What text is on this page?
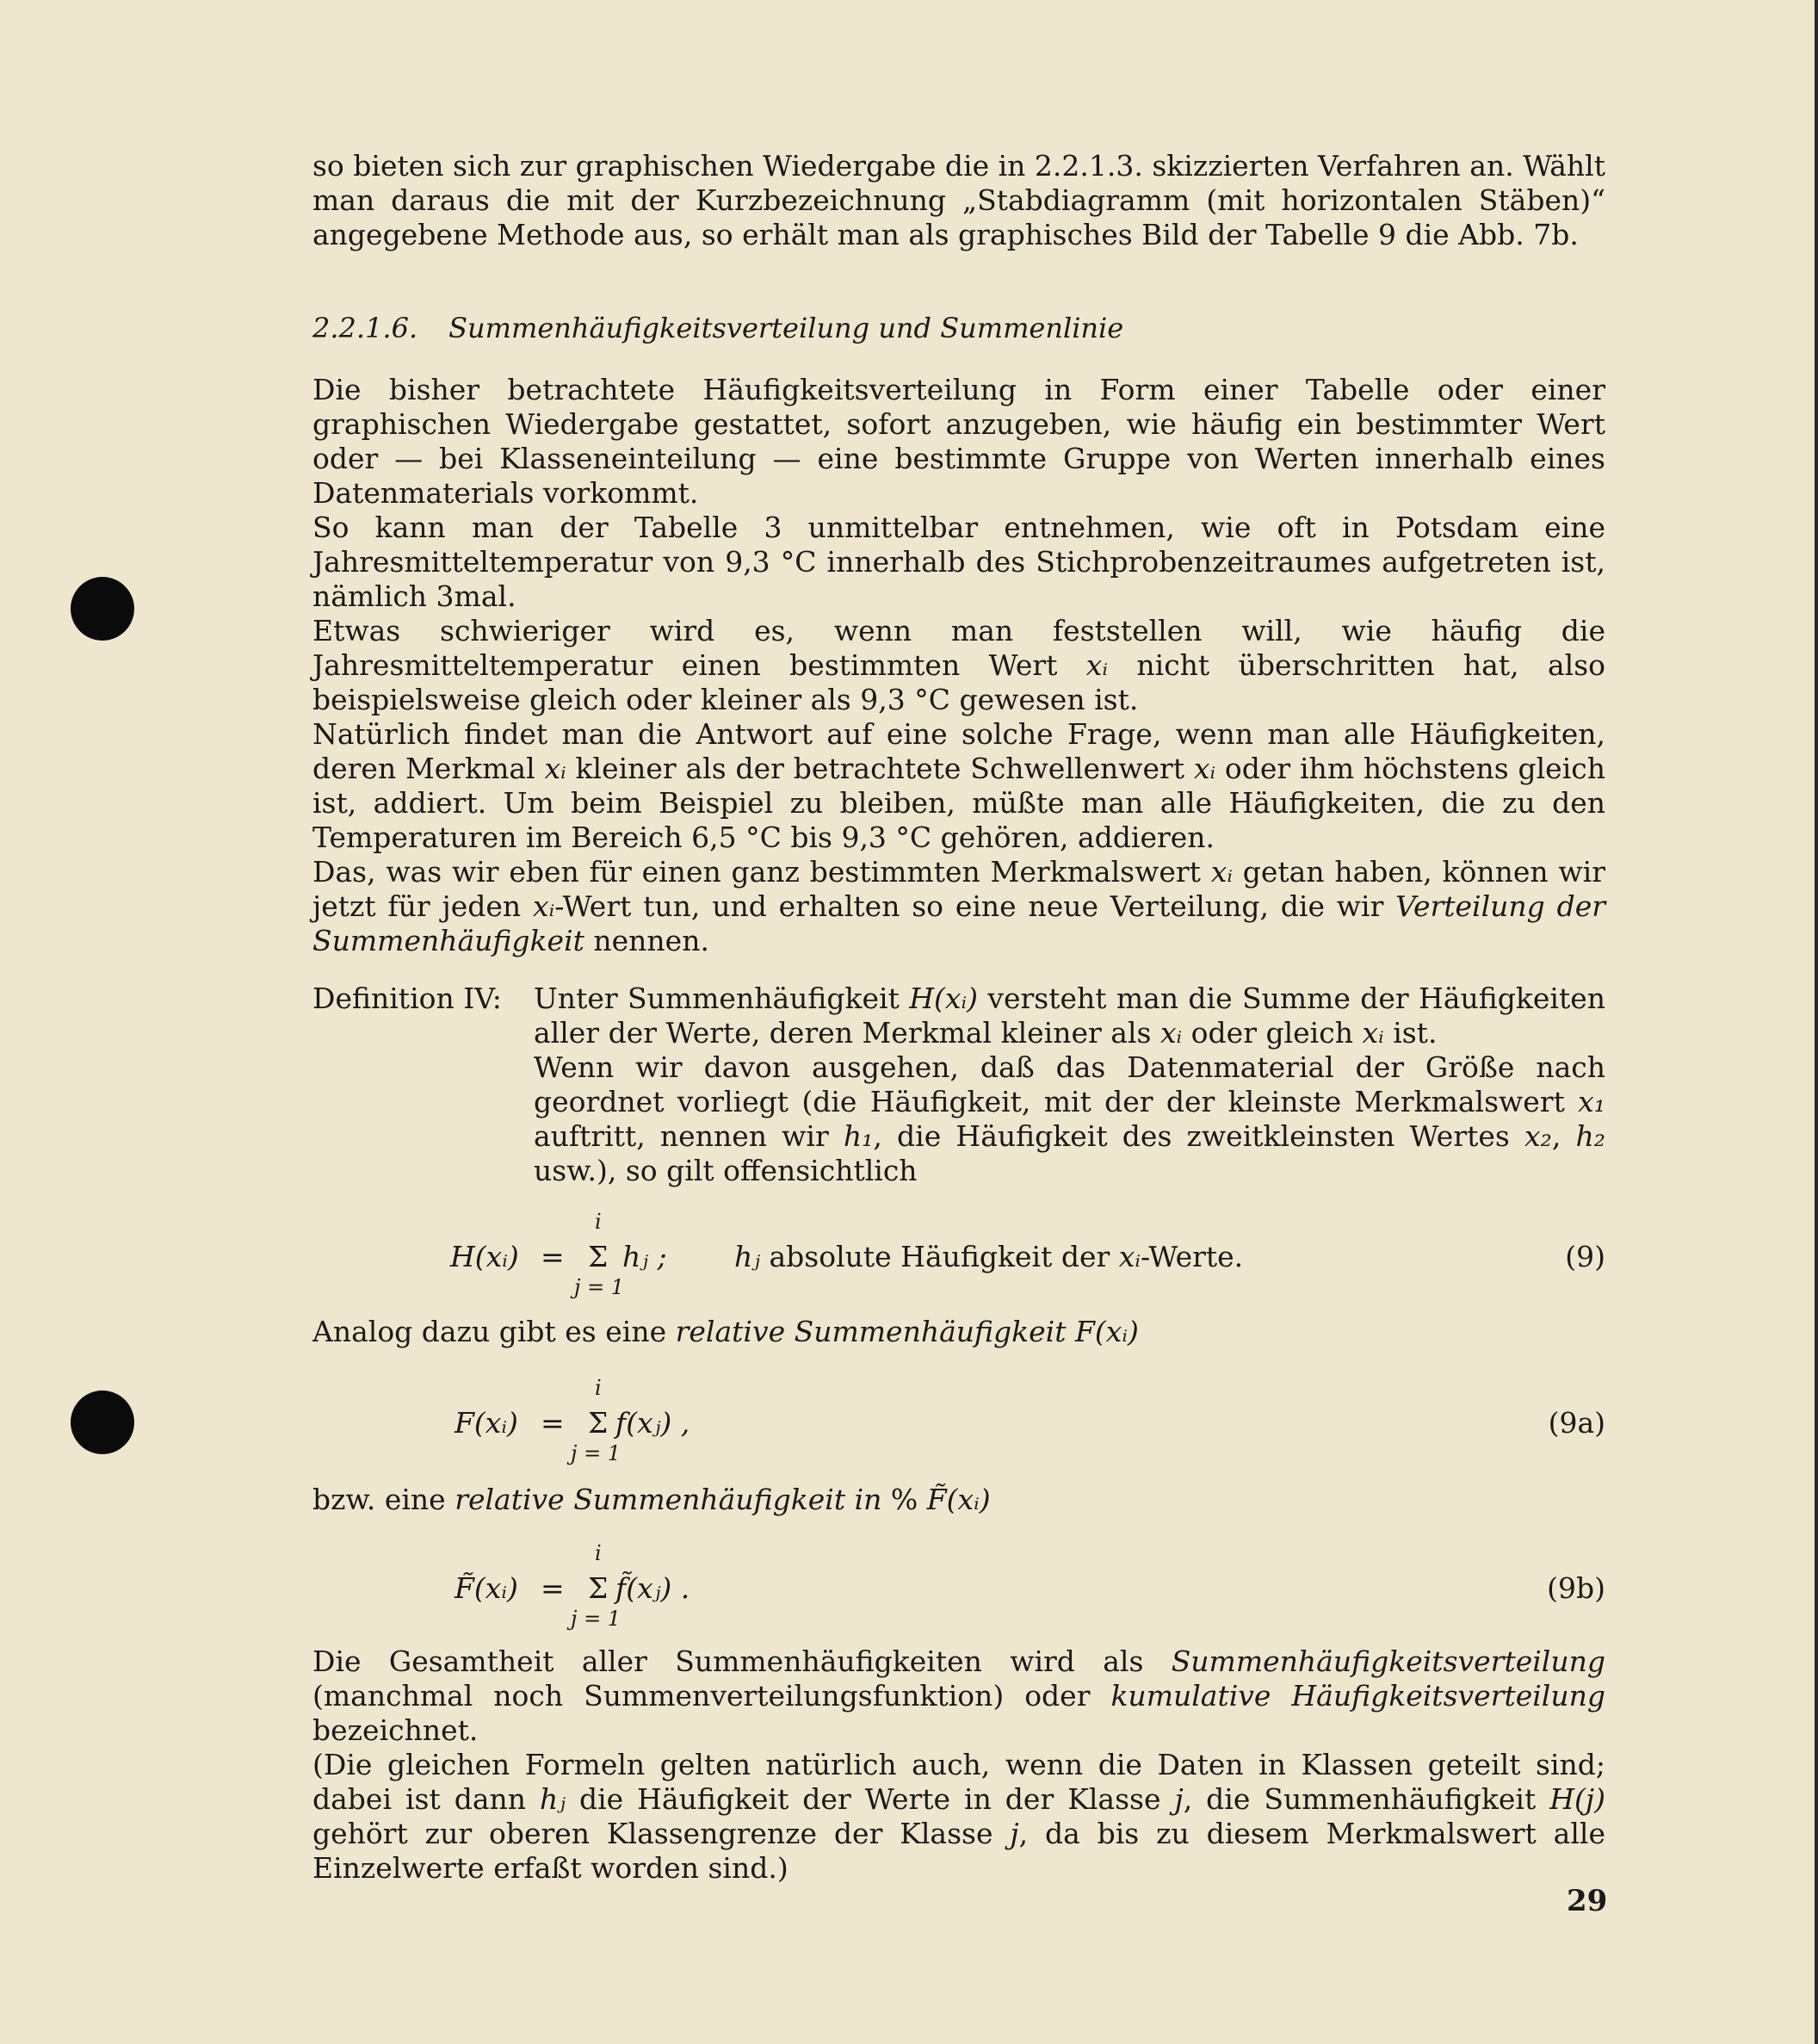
so bieten sich zur graphischen Wiedergabe die in 2.2.1.3. skizzierten Verfahren an. Wählt man daraus die mit der Kurzbezeichnung „Stabdiagramm (mit horizontalen Stäben)“ angegebene Methode aus, so erhält man als graphisches Bild der Tabelle 9 die Abb. 7b.

2.2.1.6. Summenhäufigkeitsverteilung und Summenlinie

Die bisher betrachtete Häufigkeitsverteilung in Form einer Tabelle oder einer graphischen Wiedergabe gestattet, sofort anzugeben, wie häufig ein bestimmter Wert oder — bei Klasseneinteilung — eine bestimmte Gruppe von Werten innerhalb eines Datenmaterials vorkommt.

So kann man der Tabelle 3 unmittelbar entnehmen, wie oft in Potsdam eine Jahresmitteltemperatur von 9,3 °C innerhalb des Stichprobenzeitraumes aufgetreten ist, nämlich 3mal.

Etwas schwieriger wird es, wenn man feststellen will, wie häufig die Jahresmitteltemperatur einen bestimmten Wert xᵢ nicht überschritten hat, also beispielsweise gleich oder kleiner als 9,3 °C gewesen ist.

Natürlich findet man die Antwort auf eine solche Frage, wenn man alle Häufigkeiten, deren Merkmal xᵢ kleiner als der betrachtete Schwellenwert xᵢ oder ihm höchstens gleich ist, addiert. Um beim Beispiel zu bleiben, müßte man alle Häufigkeiten, die zu den Temperaturen im Bereich 6,5 °C bis 9,3 °C gehören, addieren.

Das, was wir eben für einen ganz bestimmten Merkmalswert xᵢ getan haben, können wir jetzt für jeden xᵢ-Wert tun, und erhalten so eine neue Verteilung, die wir Verteilung der Summenhäufigkeit nennen.

Definition IV: Unter Summenhäufigkeit H(xᵢ) versteht man die Summe der Häufigkeiten aller der Werte, deren Merkmal kleiner als xᵢ oder gleich xᵢ ist.

Wenn wir davon ausgehen, daß das Datenmaterial der Größe nach geordnet vorliegt (die Häufigkeit, mit der der kleinste Merkmalswert x₁ auftritt, nennen wir h₁, die Häufigkeit des zweitkleinsten Wertes x₂, h₂ usw.), so gilt offensichtlich

H(xᵢ) =
i
Σ
j = 1
hⱼ ; hⱼ absolute Häufigkeit der xᵢ-Werte.	(9)

Analog dazu gibt es eine relative Summenhäufigkeit F(xᵢ)

F(xᵢ) =
i
Σ
j = 1
f(xⱼ) ,	(9a)

bzw. eine relative Summenhäufigkeit in % F̃(xᵢ)

F̃(xᵢ) =
i
Σ
j = 1
f̃(xⱼ) .	(9b)

Die Gesamtheit aller Summenhäufigkeiten wird als Summenhäufigkeitsverteilung (manchmal noch Summenverteilungsfunktion) oder kumulative Häufigkeitsverteilung bezeichnet.

(Die gleichen Formeln gelten natürlich auch, wenn die Daten in Klassen geteilt sind; dabei ist dann hⱼ die Häufigkeit der Werte in der Klasse j, die Summenhäufigkeit H(j) gehört zur oberen Klassengrenze der Klasse j, da bis zu diesem Merkmalswert alle Einzelwerte erfaßt worden sind.)

29
